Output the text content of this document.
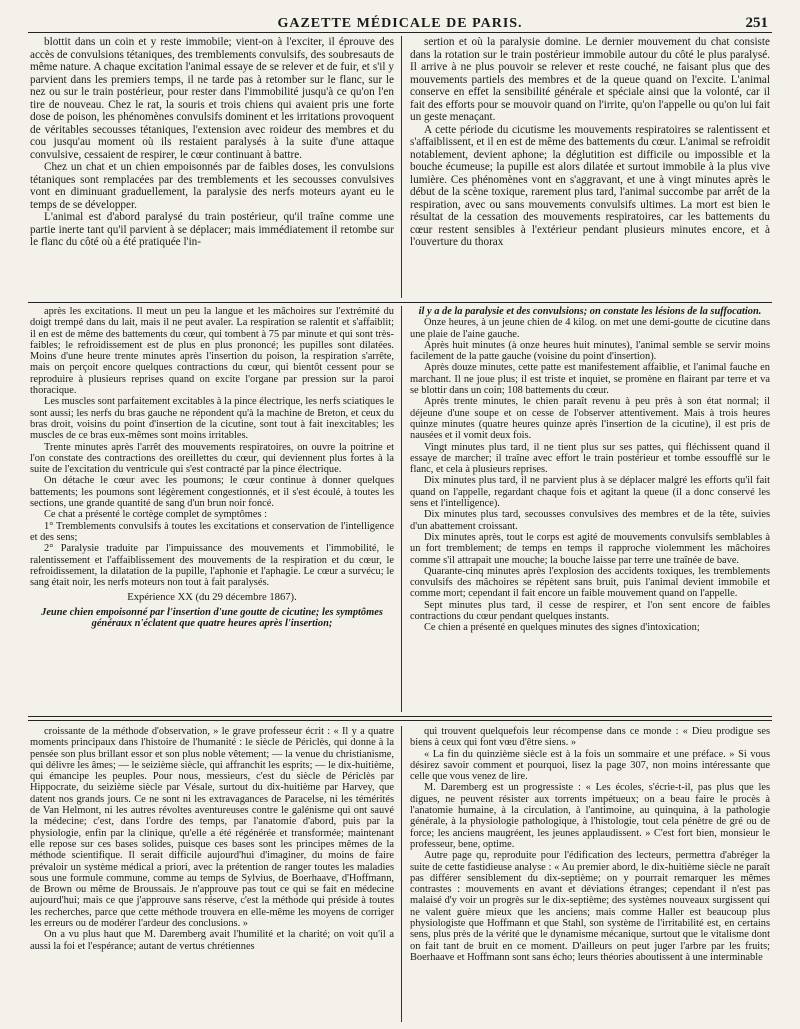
GAZETTE MÉDICALE DE PARIS.	251

blottit dans un coin et y reste immobile; vient-on à l'exciter, il éprouve des accès de convulsions tétaniques, des tremblements convulsifs, des soubresauts de même nature. A chaque excitation l'animal essaye de se relever et de fuir, et s'il y parvient dans les premiers temps, il ne tarde pas à retomber sur le flanc, sur le nez ou sur le train postérieur, pour rester dans l'immobilité jusqu'à ce qu'on l'en tire de nouveau. Chez le rat, la souris et trois chiens qui avaient pris une forte dose de poison, les phénomènes convulsifs dominent et les irritations provoquent de véritables secousses tétaniques, l'extension avec roideur des membres et du cou jusqu'au moment où ils restaient paralysés à la suite d'une attaque convulsive, cessaient de respirer, le cœur continuant à battre.

Chez un chat et un chien empoisonnés par de faibles doses, les convulsions tétaniques sont remplacées par des tremblements et les secousses convulsives vont en diminuant graduellement, la paralysie des nerfs moteurs ayant eu le temps de se développer.

L'animal est d'abord paralysé du train postérieur, qu'il traîne comme une partie inerte tant qu'il parvient à se déplacer; mais immédiatement il retombe sur le flanc du côté où a été pratiquée l'in-

sertion et où la paralysie domine. Le dernier mouvement du chat consiste dans la rotation sur le train postérieur immobile autour du côté le plus paralysé. Il arrive à ne plus pouvoir se relever et reste couché, ne faisant plus que des mouvements partiels des membres et de la queue quand on l'excite. L'animal conserve en effet la sensibilité générale et spéciale ainsi que la volonté, car il fait des efforts pour se mouvoir quand on l'irrite, qu'on l'appelle ou qu'on lui fait un geste menaçant.

A cette période du cicutisme les mouvements respiratoires se ralentissent et s'affaiblissent, et il en est de même des battements du cœur. L'animal se refroidit notablement, devient aphone; la déglutition est difficile ou impossible et la bouche écumeuse; la pupille est alors dilatée et surtout immobile à la plus vive lumière. Ces phénomènes vont en s'aggravant, et une à vingt minutes après le début de la scène toxique, rarement plus tard, l'animal succombe par arrêt de la respiration, avec ou sans mouvements convulsifs ultimes. La mort est bien le résultat de la cessation des mouvements respiratoires, car les battements du cœur restent sensibles à l'extérieur pendant plusieurs minutes encore, et à l'ouverture du thorax

après les excitations. Il meut un peu la langue et les mâchoires sur l'extrémité du doigt trempé dans du lait, mais il ne peut avaler. La respiration se ralentit et s'affaiblit; il en est de même des battements du cœur, qui tombent à 75 par minute et qui sont très-faibles; le refroidissement est de plus en plus prononcé; les pupilles sont dilatées. Moins d'une heure trente minutes après l'insertion du poison, la respiration s'arrête, mais on perçoit encore quelques contractions du cœur, qui bientôt cessent pour se reproduire à plusieurs reprises quand on excite l'organe par pression sur la paroi thoracique.

Les muscles sont parfaitement excitables à la pince électrique, les nerfs sciatiques le sont aussi; les nerfs du bras gauche ne répondent qu'à la machine de Breton, et ceux du bras droit, voisins du point d'insertion de la cicutine, sont tout à fait inexcitables; les muscles de ce bras eux-mêmes sont moins irritables.

Trente minutes après l'arrêt des mouvements respiratoires, on ouvre la poitrine et l'on constate des contractions des oreillettes du cœur, qui deviennent plus fortes à la suite de l'excitation du ventricule qui s'est contracté par la pince électrique.

On détache le cœur avec les poumons; le cœur continue à donner quelques battements; les poumons sont légèrement congestionnés, et il s'est écoulé, à toutes les sections, une grande quantité de sang d'un brun noir foncé.

Ce chat a présenté le cortège complet de symptômes :

1° Tremblements convulsifs à toutes les excitations et conservation de l'intelligence et des sens;

2° Paralysie traduite par l'impuissance des mouvements et l'immobilité, le ralentissement et l'affaiblissement des mouvements de la respiration et du cœur, le refroidissement, la dilatation de la pupille, l'aphonie et l'aphagie. Le cœur a survécu; le sang était noir, les nerfs moteurs non tout à fait paralysés.

Expérience XX (du 29 décembre 1867).

Jeune chien empoisonné par l'insertion d'une goutte de cicutine; les symptômes généraux n'éclatent que quatre heures après l'insertion;

il y a de la paralysie et des convulsions; on constate les lésions de la suffocation.

Onze heures, à un jeune chien de 4 kilog. on met une demi-goutte de cicutine dans une plaie de l'aine gauche.

Après huit minutes (à onze heures huit minutes), l'animal semble se servir moins facilement de la patte gauche (voisine du point d'insertion).

Après douze minutes, cette patte est manifestement affaiblie, et l'animal fauche en marchant. Il ne joue plus; il est triste et inquiet, se promène en flairant par terre et va se blottir dans un coin; 108 battements du cœur.

Après trente minutes, le chien paraît revenu à peu près à son état normal; il déjeune d'une soupe et on cesse de l'observer attentivement. Mais à trois heures quinze minutes (quatre heures quinze après l'insertion de la cicutine), il est pris de nausées et il vomit deux fois.

Vingt minutes plus tard, il ne tient plus sur ses pattes, qui fléchissent quand il essaye de marcher; il traîne avec effort le train postérieur et tombe essoufflé sur le flanc, et cela à plusieurs reprises.

Dix minutes plus tard, il ne parvient plus à se déplacer malgré les efforts qu'il fait quand on l'appelle, regardant chaque fois et agitant la queue (il a donc conservé les sens et l'intelligence).

Dix minutes plus tard, secousses convulsives des membres et de la tête, suivies d'un abattement croissant.

Dix minutes après, tout le corps est agité de mouvements convulsifs semblables à un fort tremblement; de temps en temps il rapproche violemment les mâchoires comme s'il attrapait une mouche; la bouche laisse par terre une traînée de bave.

Quarante-cinq minutes après l'explosion des accidents toxiques, les tremblements convulsifs des mâchoires se répètent sans bruit, puis l'animal devient immobile et comme mort; cependant il fait encore un faible mouvement quand on l'appelle.

Sept minutes plus tard, il cesse de respirer, et l'on sent encore de faibles contractions du cœur pendant quelques instants.

Ce chien a présenté en quelques minutes des signes d'intoxication;

croissante de la méthode d'observation, » le grave professeur écrit : « Il y a quatre moments principaux dans l'histoire de l'humanité : le siècle de Périclès, qui donne à la pensée son plus brillant essor et son plus noble vêtement; — la venue du christianisme, qui délivre les âmes; — le seizième siècle, qui affranchit les esprits; — le dix-huitième, qui émancipe les peuples. Pour nous, messieurs, c'est du siècle de Périclès par Hippocrate, du seizième siècle par Vésale, surtout du dix-huitième par Harvey, que datent nos grands jours. Ce ne sont ni les extravagances de Paracelse, ni les témérités de Van Helmont, ni les autres révoltes aventureuses contre le galénisme qui ont sauvé la médecine; c'est, dans l'ordre des temps, par l'anatomie d'abord, puis par la physiologie, enfin par la clinique, qu'elle a été régénérée et transformée; maintenant elle repose sur ces bases solides, puisque ces bases sont les principes mêmes de la méthode scientifique. Il serait difficile aujourd'hui d'imaginer, du moins de faire prévaloir un système médical a priori, avec la prétention de ranger toutes les maladies sous une formule commune, comme au temps de Sylvius, de Boerhaave, d'Hoffmann, de Brown ou même de Broussais. Je n'approuve pas tout ce qui se fait en médecine aujourd'hui; mais ce que j'approuve sans réserve, c'est la méthode qui préside à toutes les recherches, parce que cette méthode trouvera en elle-même les moyens de corriger les erreurs ou de modérer l'ardeur des conclusions. »

On a vu plus haut que M. Daremberg avait l'humilité et la charité; on voit qu'il a aussi la foi et l'espérance; autant de vertus chrétiennes

qui trouvent quelquefois leur récompense dans ce monde : « Dieu prodigue ses biens à ceux qui font vœu d'être siens. »

« La fin du quinzième siècle est à la fois un sommaire et une préface. » Si vous désirez savoir comment et pourquoi, lisez la page 307, non moins intéressante que celle que vous venez de lire.

M. Daremberg est un progressiste : « Les écoles, s'écrie-t-il, pas plus que les digues, ne peuvent résister aux torrents impétueux; on a beau faire le procès à l'anatomie humaine, à la circulation, à l'antimoine, au quinquina, à la pathologie générale, à la physiologie pathologique, à l'histologie, tout cela pénètre de gré ou de force; les anciens maugréent, les jeunes applaudissent. » C'est fort bien, monsieur le professeur, bene, optime.

Autre page qu, reproduite pour l'édification des lecteurs, permettra d'abréger la suite de cette fastidieuse analyse : « Au premier abord, le dix-huitième siècle ne paraît pas différer sensiblement du dix-septième; on y pourrait remarquer les mêmes contrastes : mouvements en avant et déviations étranges; cependant il n'est pas malaisé d'y voir un progrès sur le dix-septième; des systèmes nouveaux surgissent qui ne valent guère mieux que les anciens; mais comme Haller est beaucoup plus physiologiste que Hoffmann et que Stahl, son système de l'irritabilité est, en certains sens, plus près de la vérité que le dynamisme mécanique, surtout que le vitalisme dont on fait tant de bruit en ce moment. D'ailleurs on peut juger l'arbre par les fruits; Boerhaave et Hoffmann sont sans écho; leurs théories aboutissent à une interminable
